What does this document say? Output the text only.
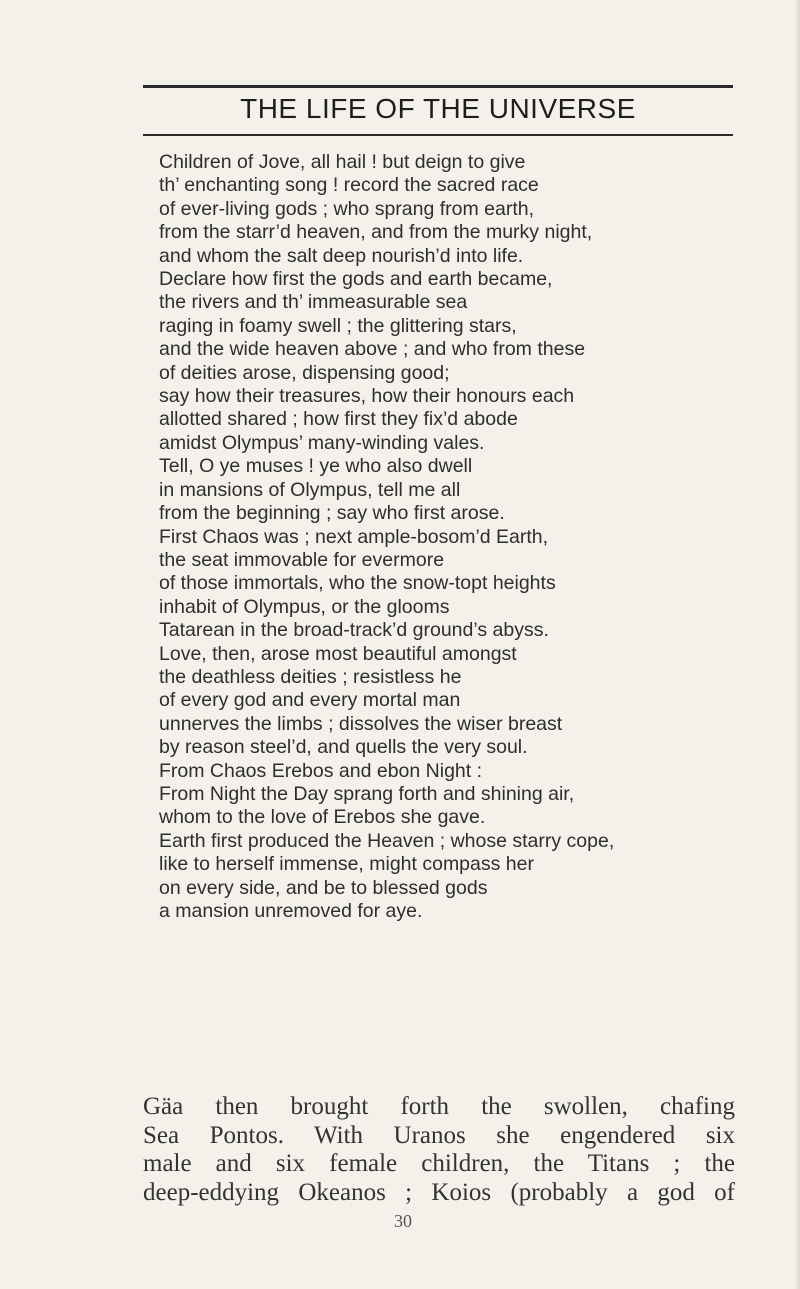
THE LIFE OF THE UNIVERSE
Children of Jove, all hail ! but deign to give
th’ enchanting song ! record the sacred race
of ever-living gods ; who sprang from earth,
from the starr’d heaven, and from the murky night,
and whom the salt deep nourish’d into life.
Declare how first the gods and earth became,
the rivers and th’ immeasurable sea
raging in foamy swell ; the glittering stars,
and the wide heaven above ; and who from these
of deities arose, dispensing good;
say how their treasures, how their honours each
allotted shared ; how first they fix’d abode
amidst Olympus’ many-winding vales.
Tell, O ye muses ! ye who also dwell
in mansions of Olympus, tell me all
from the beginning ; say who first arose.
First Chaos was ; next ample-bosom’d Earth,
the seat immovable for evermore
of those immortals, who the snow-topt heights
inhabit of Olympus, or the glooms
Tatarean in the broad-track’d ground’s abyss.
Love, then, arose most beautiful amongst
the deathless deities ; resistless he
of every god and every mortal man
unnerves the limbs ; dissolves the wiser breast
by reason steel’d, and quells the very soul.
From Chaos Erebos and ebon Night :
From Night the Day sprang forth and shining air,
whom to the love of Erebos she gave.
Earth first produced the Heaven ; whose starry cope,
like to herself immense, might compass her
on every side, and be to blessed gods
a mansion unremoved for aye.
Gäa then brought forth the swollen, chafing
Sea Pontos. With Uranos she engendered six
male and six female children, the Titans ; the
deep-eddying Okeanos ; Koios (probably a god of
30
